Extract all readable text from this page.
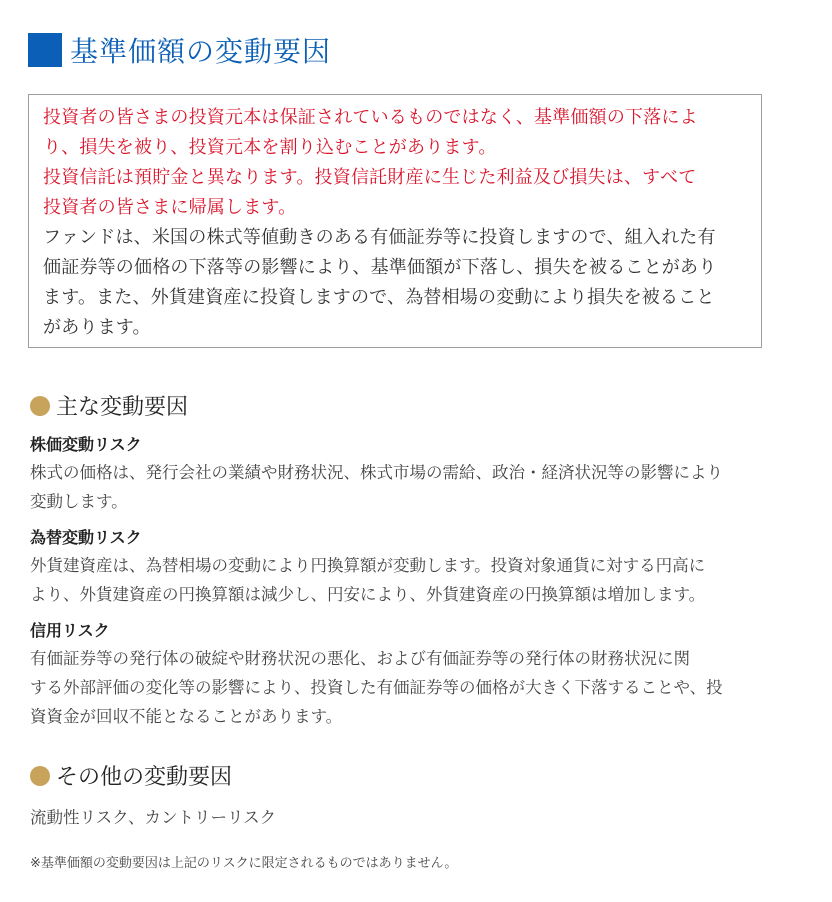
基準価額の変動要因

投資者の皆さまの投資元本は保証されているものではなく、基準価額の下落によ

り、損失を被り、投資元本を割り込むことがあります。

投資信託は預貯金と異なります。投資信託財産に生じた利益及び損失は、すべて

投資者の皆さまに帰属します。

ファンドは、米国の株式等値動きのある有価証券等に投資しますので、組入れた有

価証券等の価格の下落等の影響により、基準価額が下落し、損失を被ることがあり

ます。また、外貨建資産に投資しますので、為替相場の変動により損失を被ること

があります。

主な変動要因
株価変動リスク

株式の価格は、発行会社の業績や財務状況、株式市場の需給、政治・経済状況等の影響により

変動します。

為替変動リスク

外貨建資産は、為替相場の変動により円換算額が変動します。投資対象通貨に対する円高に

より、外貨建資産の円換算額は減少し、円安により、外貨建資産の円換算額は増加します。

信用リスク

有価証券等の発行体の破綻や財務状況の悪化、および有価証券等の発行体の財務状況に関

する外部評価の変化等の影響により、投資した有価証券等の価格が大きく下落することや、投

資資金が回収不能となることがあります。

その他の変動要因
流動性リスク、カントリーリスク
※基準価額の変動要因は上記のリスクに限定されるものではありません。
